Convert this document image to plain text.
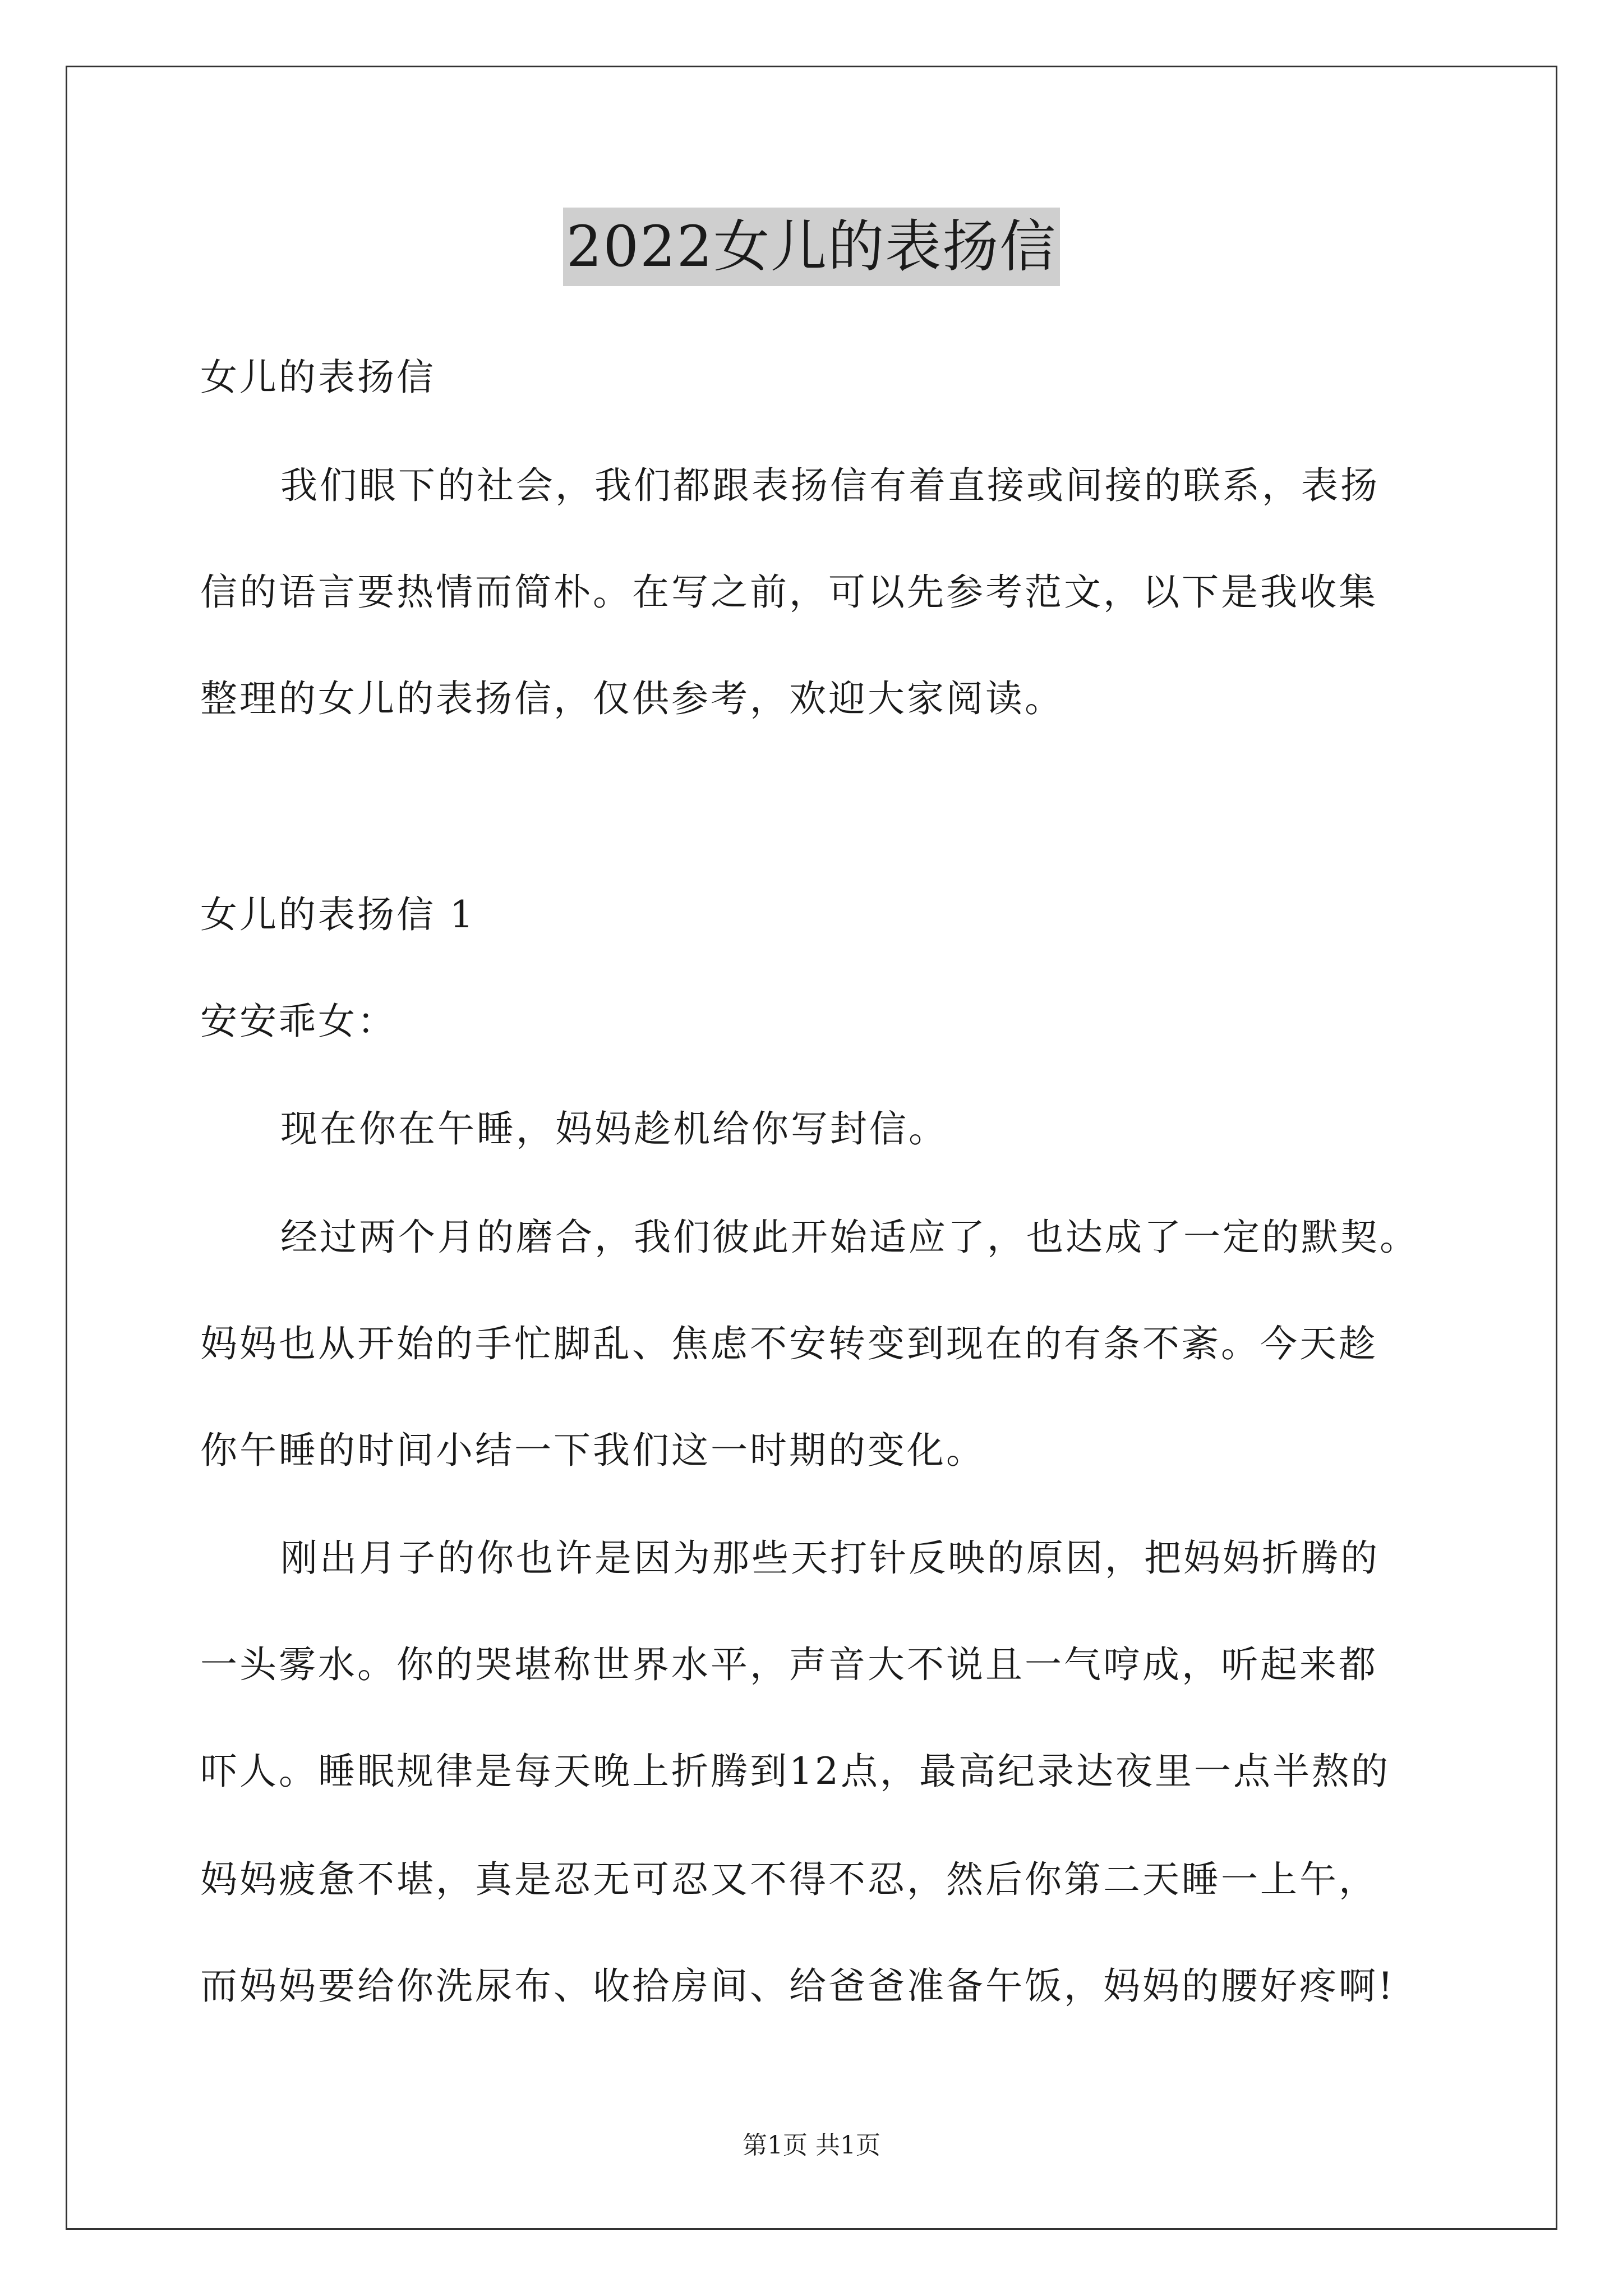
2022女儿的表扬信
女儿的表扬信
我们眼下的社会，我们都跟表扬信有着直接或间接的联系，表扬
信的语言要热情而简朴。在写之前，可以先参考范文，以下是我收集
整理的女儿的表扬信，仅供参考，欢迎大家阅读。
女儿的表扬信 1
安安乖女：
现在你在午睡，妈妈趁机给你写封信。
经过两个月的磨合，我们彼此开始适应了，也达成了一定的默契。
妈妈也从开始的手忙脚乱、焦虑不安转变到现在的有条不紊。今天趁
你午睡的时间小结一下我们这一时期的变化。
刚出月子的你也许是因为那些天打针反映的原因，把妈妈折腾的
一头雾水。你的哭堪称世界水平，声音大不说且一气哼成，听起来都
吓人。睡眠规律是每天晚上折腾到12点，最高纪录达夜里一点半熬的
妈妈疲惫不堪，真是忍无可忍又不得不忍，然后你第二天睡一上午，
而妈妈要给你洗尿布、收拾房间、给爸爸准备午饭，妈妈的腰好疼啊!
第1页 共1页
